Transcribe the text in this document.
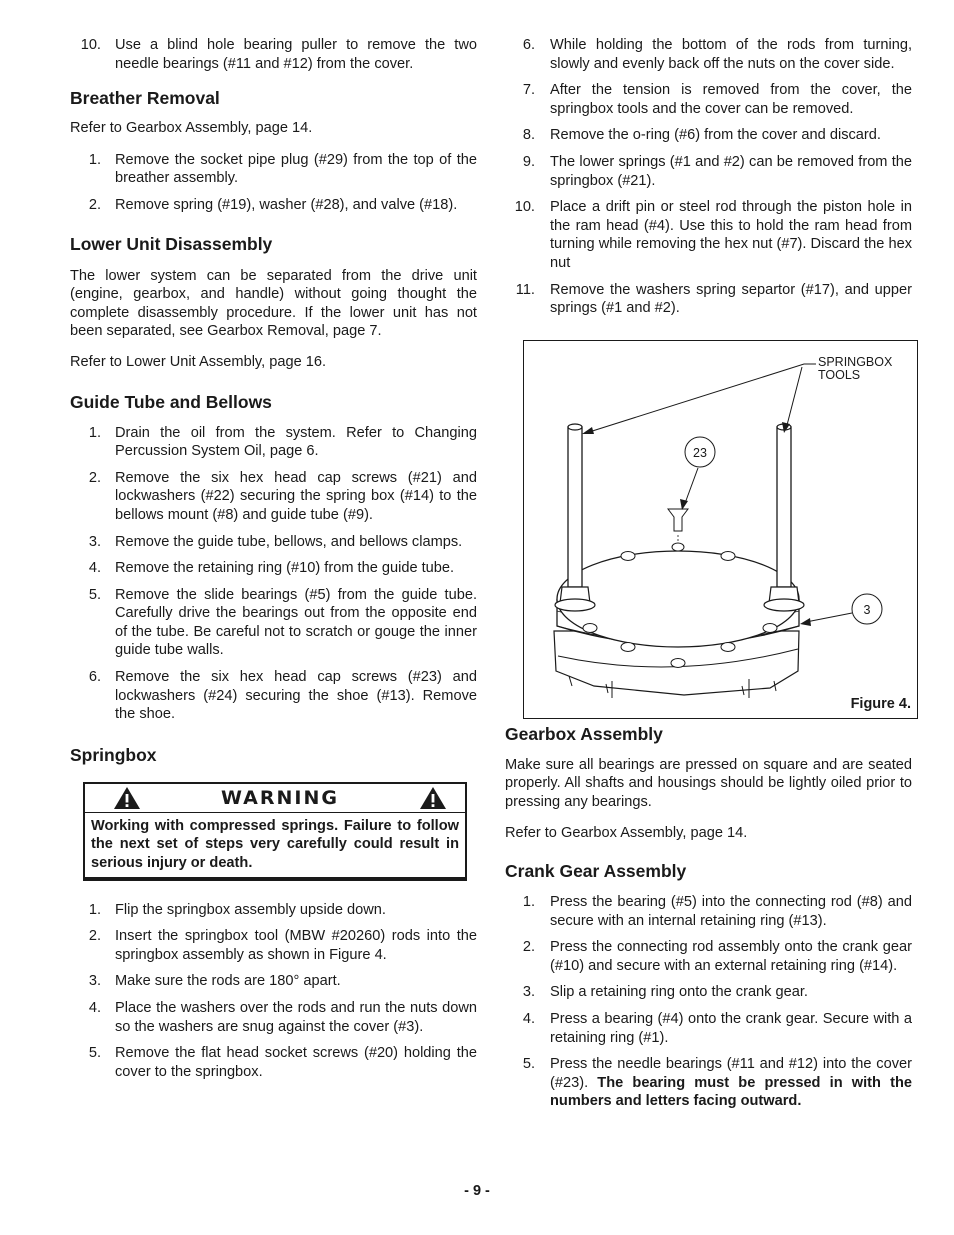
10. Use a blind hole bearing puller to remove the two needle bearings (#11 and #12) from the cover.
Breather Removal

Refer to Gearbox Assembly, page 14.

1. Remove the socket pipe plug (#29) from the top of the breather assembly.
2. Remove spring (#19), washer (#28), and valve (#18).
Lower Unit Disassembly

The lower system can be separated from the drive unit (engine, gearbox, and handle) without going thought the complete disassembly procedure. If the lower unit has not been separated, see Gearbox Removal, page 7.

Refer to Lower Unit Assembly, page 16.

Guide Tube and Bellows
1. Drain the oil from the system. Refer to Changing Percussion System Oil, page 6.
2. Remove the six hex head cap screws (#21) and lockwashers (#22) securing the spring box (#14) to the bellows mount (#8) and guide tube (#9).
3. Remove the guide tube, bellows, and bellows clamps.
4. Remove the retaining ring (#10) from the guide tube.
5. Remove the slide bearings (#5) from the guide tube. Carefully drive the bearings out from the opposite end of the tube. Be careful not to scratch or gouge the inner guide tube walls.
6. Remove the six hex head cap screws (#23) and lockwashers (#24) securing the shoe (#13). Remove the shoe.
Springbox
WARNING
Working with compressed springs. Failure to follow the next set of steps very carefully could result in serious injury or death.
1. Flip the springbox assembly upside down.
2. Insert the springbox tool (MBW #20260) rods into the springbox assembly as shown in Figure 4.
3. Make sure the rods are 180° apart.
4. Place the washers over the rods and run the nuts down so the washers are snug against the cover (#3).
5. Remove the flat head socket screws (#20) holding the cover to the springbox.
6.	While holding the bottom of the rods from turning, slowly and evenly back off the nuts on the cover side.
7.	After the tension is removed from the cover, the springbox tools and the cover can be removed.
8.	Remove the o-ring (#6) from the cover and discard.
9.	The lower springs (#1 and #2) can be removed from the springbox (#21).
10.	Place a drift pin or steel rod through the piston hole in the ram head (#4). Use this to hold the ram head from turning while removing the hex nut (#7). Discard the hex nut
11.	Remove the washers spring separtor (#17), and upper springs (#1 and #2).
SPRINGBOX
TOOLS
23
3
Figure 4.
Gearbox Assembly

Make sure all bearings are pressed on square and are seated properly. All shafts and housings should be lightly oiled prior to pressing any bearings.

Refer to Gearbox Assembly, page 14.

Crank Gear Assembly
1.	Press the bearing (#5) into the connecting rod (#8) and secure with an internal retaining ring (#13).
2.	Press the connecting rod assembly onto the crank gear (#10) and secure with an external retaining ring (#14).
3.	Slip a retaining ring onto the crank gear.
4.	Press a bearing (#4) onto the crank gear. Secure with a retaining ring (#1).
5.	Press the needle bearings (#11 and #12) into the cover (#23). The bearing must be pressed in with the numbers and letters facing outward.
- 9 -
